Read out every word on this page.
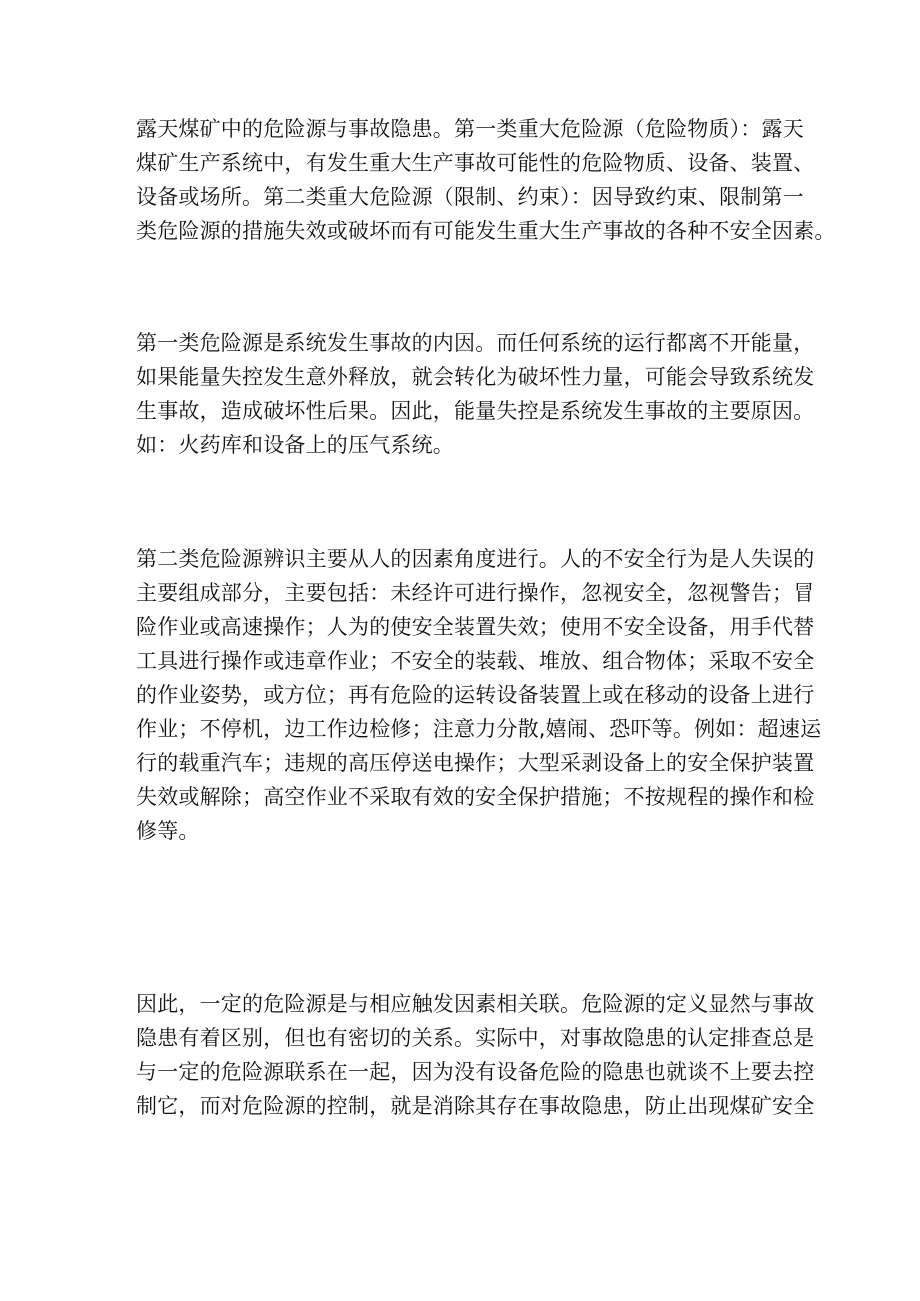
露天煤矿中的危险源与事故隐患。第一类重大危险源（危险物质）：露天
煤矿生产系统中，有发生重大生产事故可能性的危险物质、设备、装置、
设备或场所。第二类重大危险源（限制、约束）：因导致约束、限制第一
类危险源的措施失效或破坏而有可能发生重大生产事故的各种不安全因素。

第一类危险源是系统发生事故的内因。而任何系统的运行都离不开能量，
如果能量失控发生意外释放，就会转化为破坏性力量，可能会导致系统发
生事故，造成破坏性后果。因此，能量失控是系统发生事故的主要原因。
如：火药库和设备上的压气系统。

第二类危险源辨识主要从人的因素角度进行。人的不安全行为是人失误的
主要组成部分，主要包括：未经许可进行操作，忽视安全，忽视警告；冒
险作业或高速操作；人为的使安全装置失效；使用不安全设备，用手代替
工具进行操作或违章作业；不安全的装载、堆放、组合物体；采取不安全
的作业姿势，或方位；再有危险的运转设备装置上或在移动的设备上进行
作业；不停机，边工作边检修；注意力分散,嬉闹、恐吓等。例如：超速运
行的载重汽车；违规的高压停送电操作；大型采剥设备上的安全保护装置
失效或解除；高空作业不采取有效的安全保护措施；不按规程的操作和检
修等。

因此，一定的危险源是与相应触发因素相关联。危险源的定义显然与事故
隐患有着区别，但也有密切的关系。实际中，对事故隐患的认定排查总是
与一定的危险源联系在一起，因为没有设备危险的隐患也就谈不上要去控
制它，而对危险源的控制，就是消除其存在事故隐患，防止出现煤矿安全
